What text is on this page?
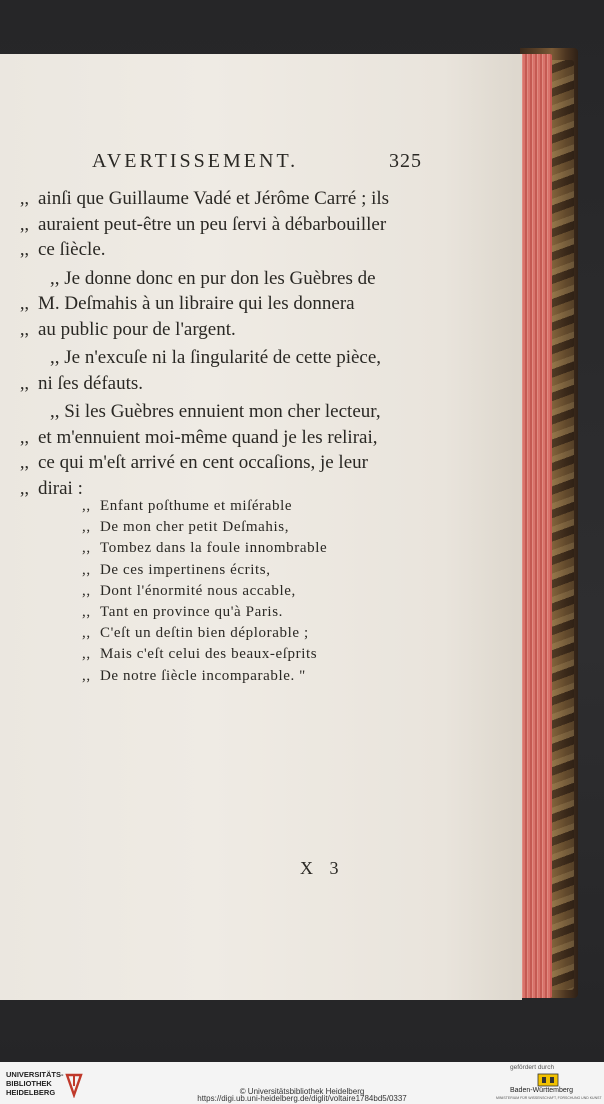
AVERTISSEMENT.	325
,, ainſi que Guillaume Vadé et Jérôme Carré ; ils
,, auraient peut-être un peu ſervi à débarbouiller
,, ce ſiècle.
,, Je donne donc en pur don les Guèbres de
,, M. Deſmahis à un libraire qui les donnera
,, au public pour de l'argent.
,, Je n'excuſe ni la ſingularité de cette pièce,
,, ni ſes défauts.
,, Si les Guèbres ennuient mon cher lecteur,
,, et m'ennuient moi-même quand je les relirai,
,, ce qui m'eſt arrivé en cent occaſions, je leur
,, dirai :
,, Enfant poſthume et miſérable
,, De mon cher petit Deſmahis,
,, Tombez dans la foule innombrable
,, De ces impertinens écrits,
,, Dont l'énormité nous accable,
,, Tant en province qu'à Paris.
,, C'eſt un deſtin bien déplorable ;
,, Mais c'eſt celui des beaux-eſprits
,, De notre ſiècle incomparable. "
X 3
UNIVERSITÄTS-
BIBLIOTHEK
HEIDELBERG	© Universitätsbibliothek Heidelberg
https://digi.ub.uni-heidelberg.de/diglit/voltaire1784bd5/0337
gefördert durch
Baden-Württemberg
MINISTERIUM FÜR WISSENSCHAFT, FORSCHUNG UND KUNST
